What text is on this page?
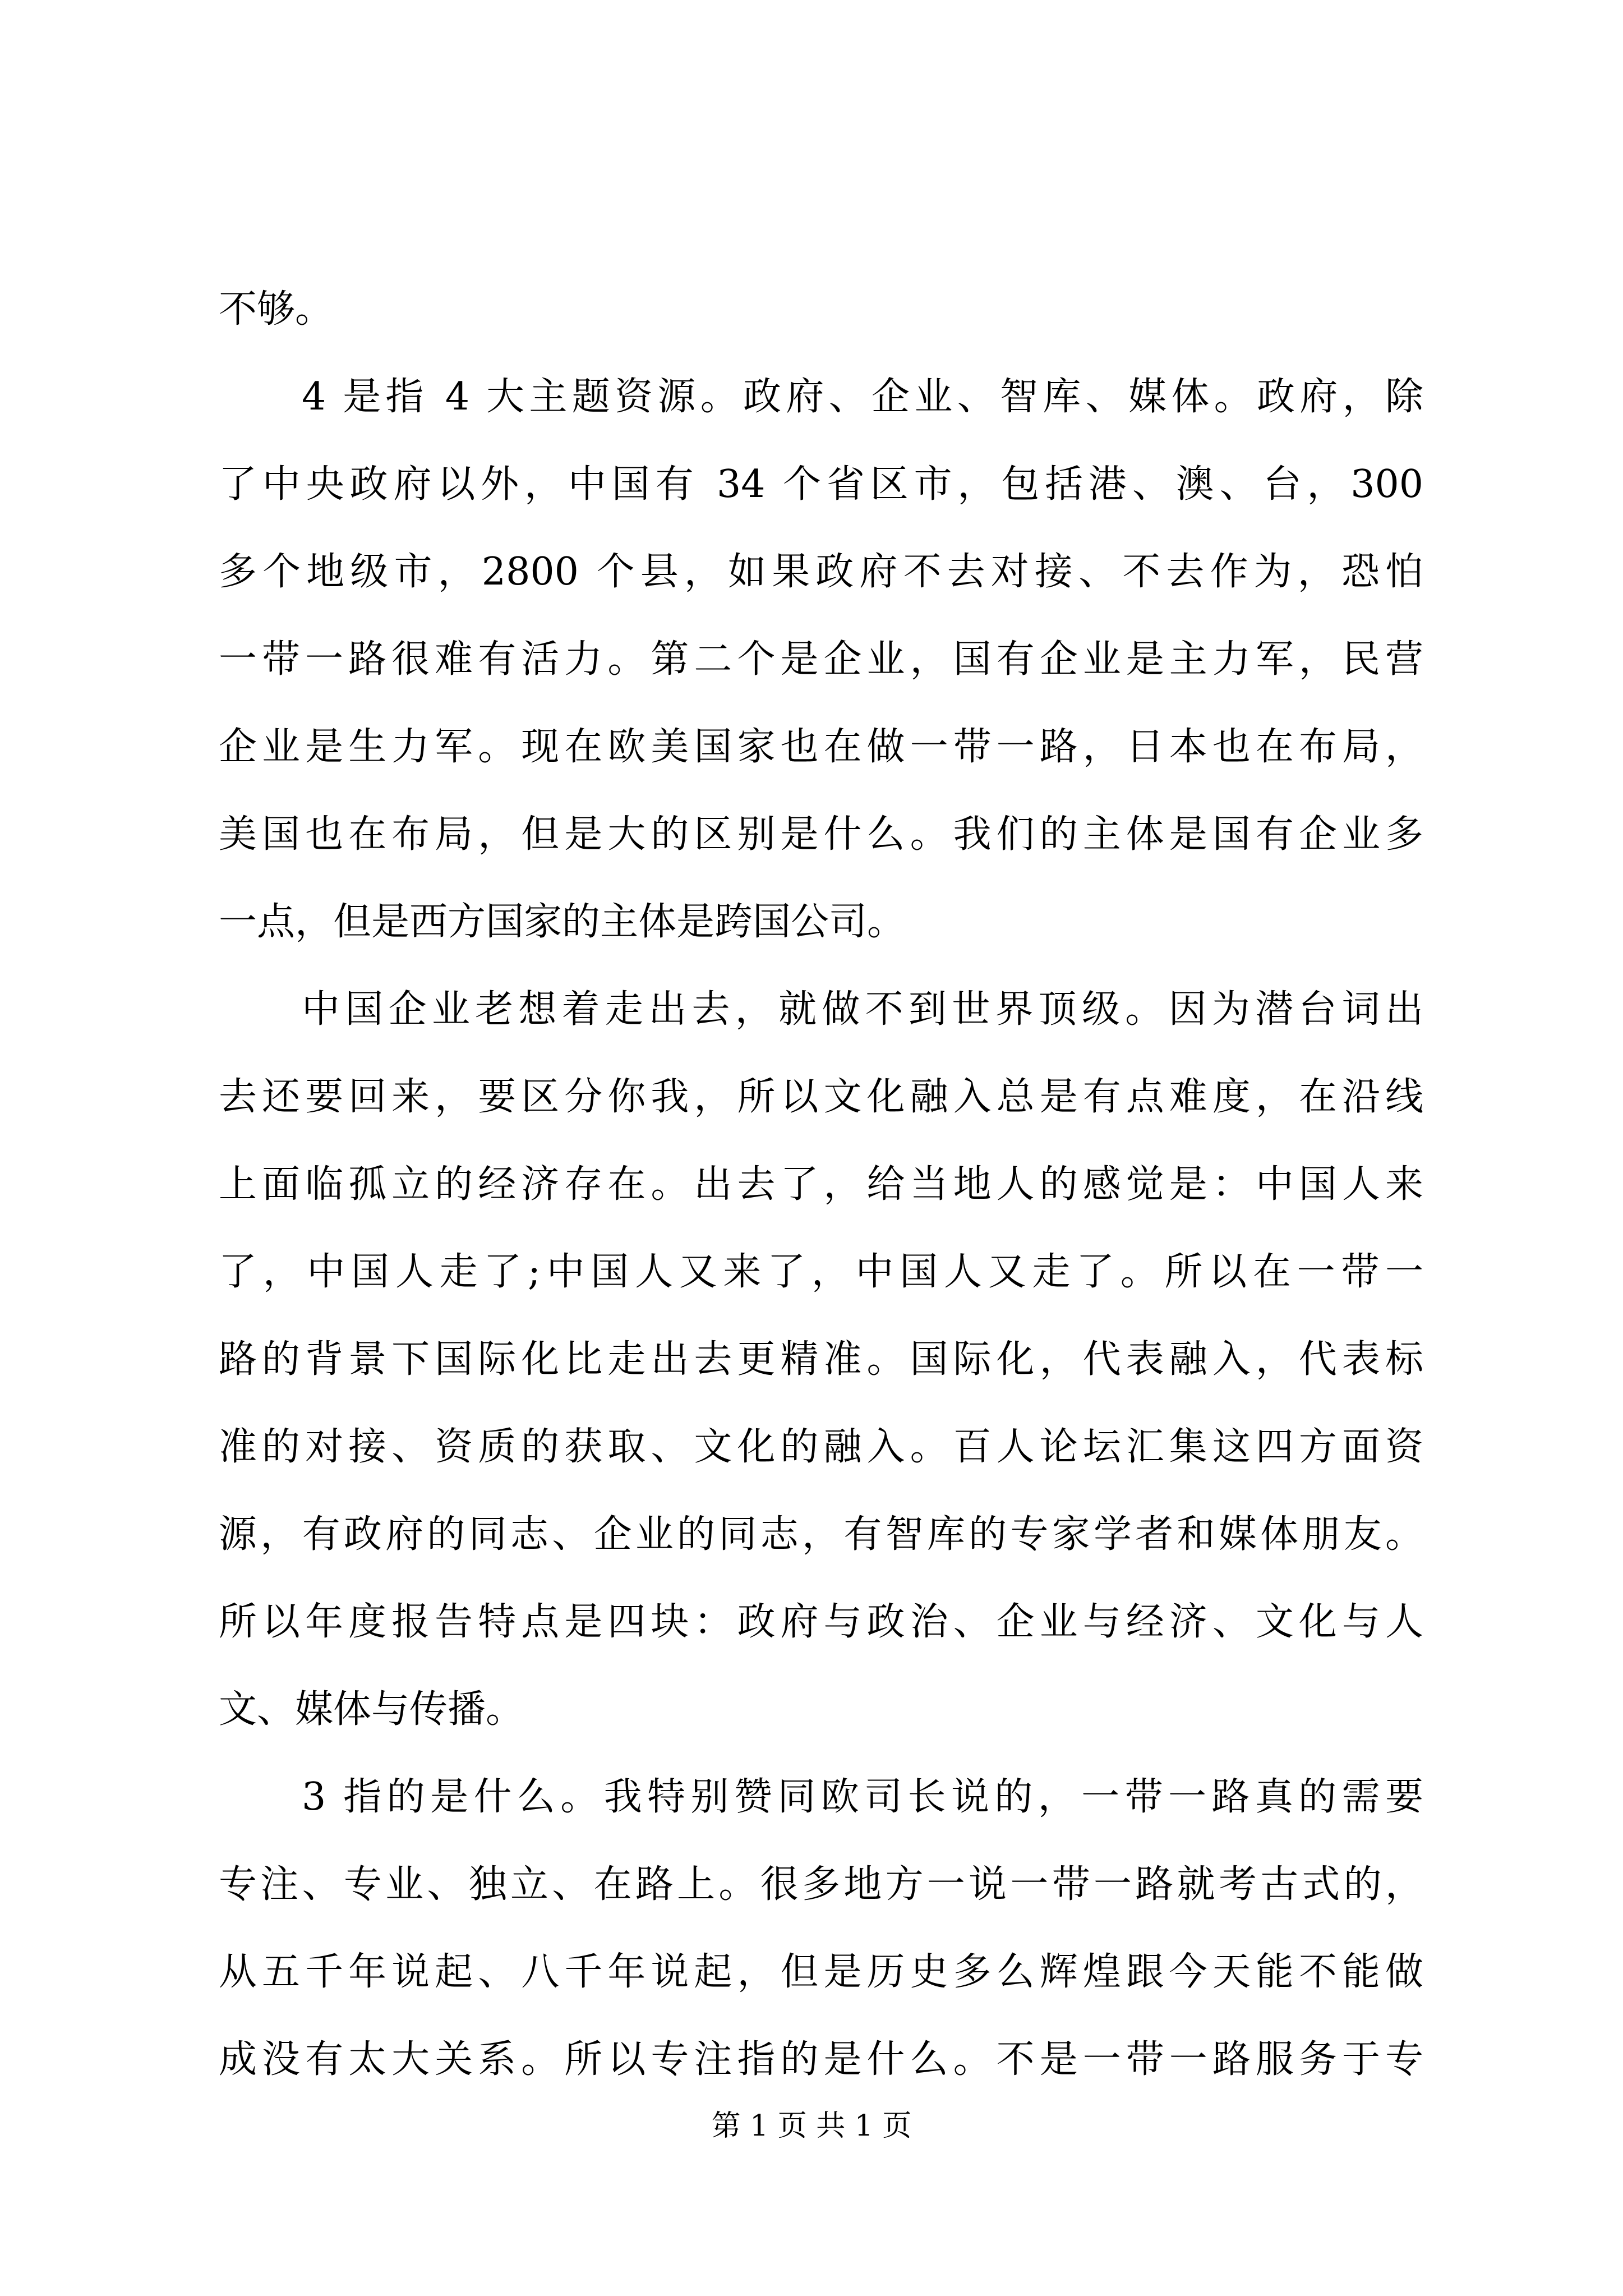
不够。
4 是指 4 大主题资源。政府、企业、智库、媒体。政府，除
了中央政府以外，中国有 34 个省区市，包括港、澳、台，300
多个地级市，2800 个县，如果政府不去对接、不去作为，恐怕
一带一路很难有活力。第二个是企业，国有企业是主力军，民营
企业是生力军。现在欧美国家也在做一带一路，日本也在布局，
美国也在布局，但是大的区别是什么。我们的主体是国有企业多
一点，但是西方国家的主体是跨国公司。
中国企业老想着走出去，就做不到世界顶级。因为潜台词出
去还要回来，要区分你我，所以文化融入总是有点难度，在沿线
上面临孤立的经济存在。出去了，给当地人的感觉是：中国人来
了，中国人走了;中国人又来了，中国人又走了。所以在一带一
路的背景下国际化比走出去更精准。国际化，代表融入，代表标
准的对接、资质的获取、文化的融入。百人论坛汇集这四方面资
源，有政府的同志、企业的同志，有智库的专家学者和媒体朋友。
所以年度报告特点是四块：政府与政治、企业与经济、文化与人
文、媒体与传播。
3 指的是什么。我特别赞同欧司长说的，一带一路真的需要
专注、专业、独立、在路上。很多地方一说一带一路就考古式的，
从五千年说起、八千年说起，但是历史多么辉煌跟今天能不能做
成没有太大关系。所以专注指的是什么。不是一带一路服务于专
第 1 页 共 1 页
